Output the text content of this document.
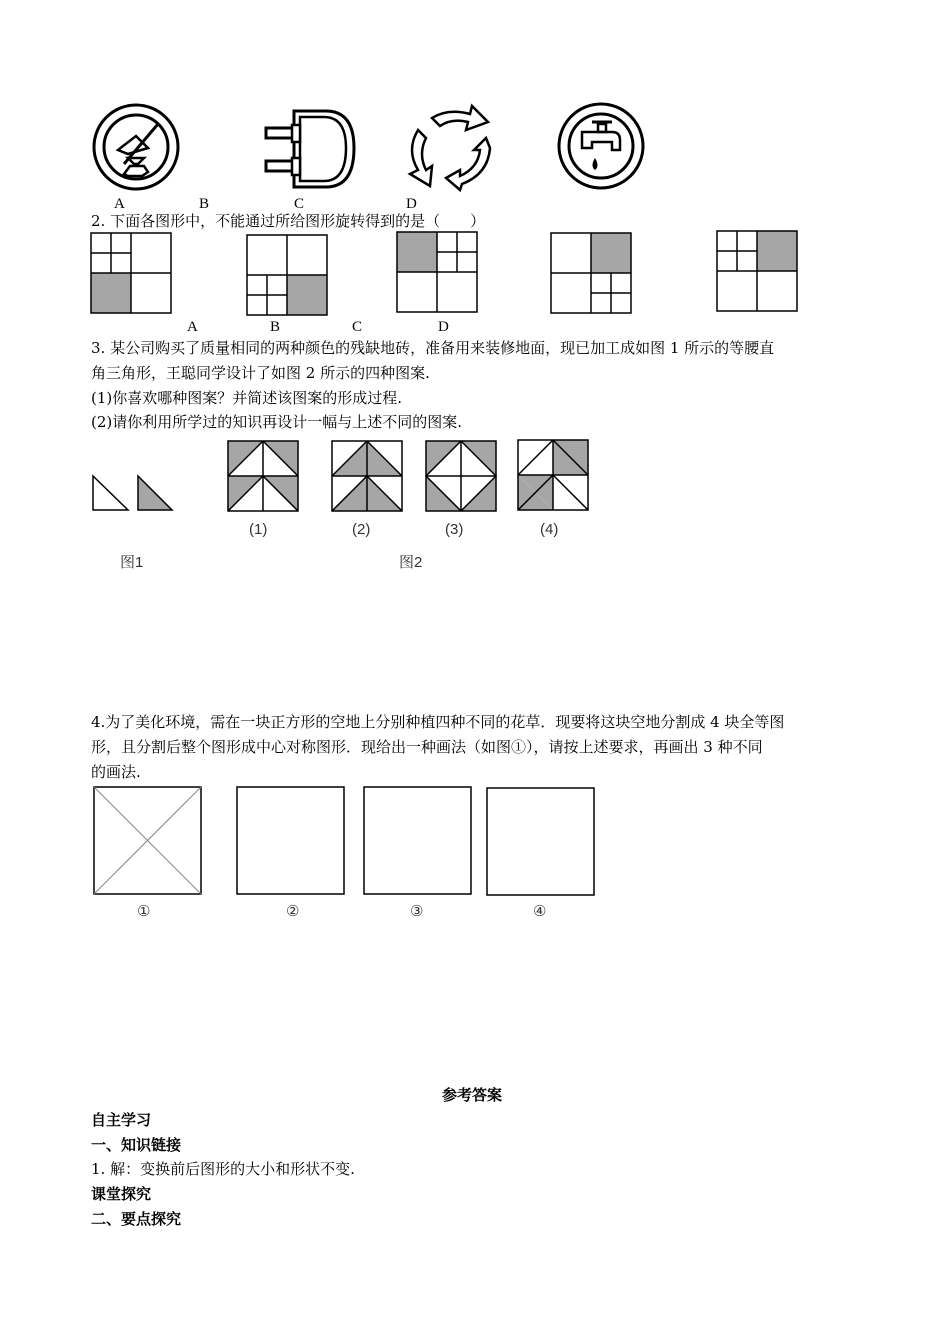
A	B	C	D
2. 下面各图形中，不能通过所给图形旋转得到的是（　　）
A	B	C	D
3. 某公司购买了质量相同的两种颜色的残缺地砖，准备用来装修地面，现已加工成如图 1 所示的等腰直
角三角形，王聪同学设计了如图 2 所示的四种图案.
(1)你喜欢哪种图案？并简述该图案的形成过程.
(2)请你利用所学过的知识再设计一幅与上述不同的图案.
(1)	(2)	(3)	(4)
图1	图2
4.为了美化环境，需在一块正方形的空地上分别种植四种不同的花草．现要将这块空地分割成 4 块全等图
形，且分割后整个图形成中心对称图形．现给出一种画法（如图①），请按上述要求，再画出 3 种不同
的画法.
①	②	③	④
参考答案
自主学习
一、知识链接
1. 解：变换前后图形的大小和形状不变.
课堂探究
二、要点探究
